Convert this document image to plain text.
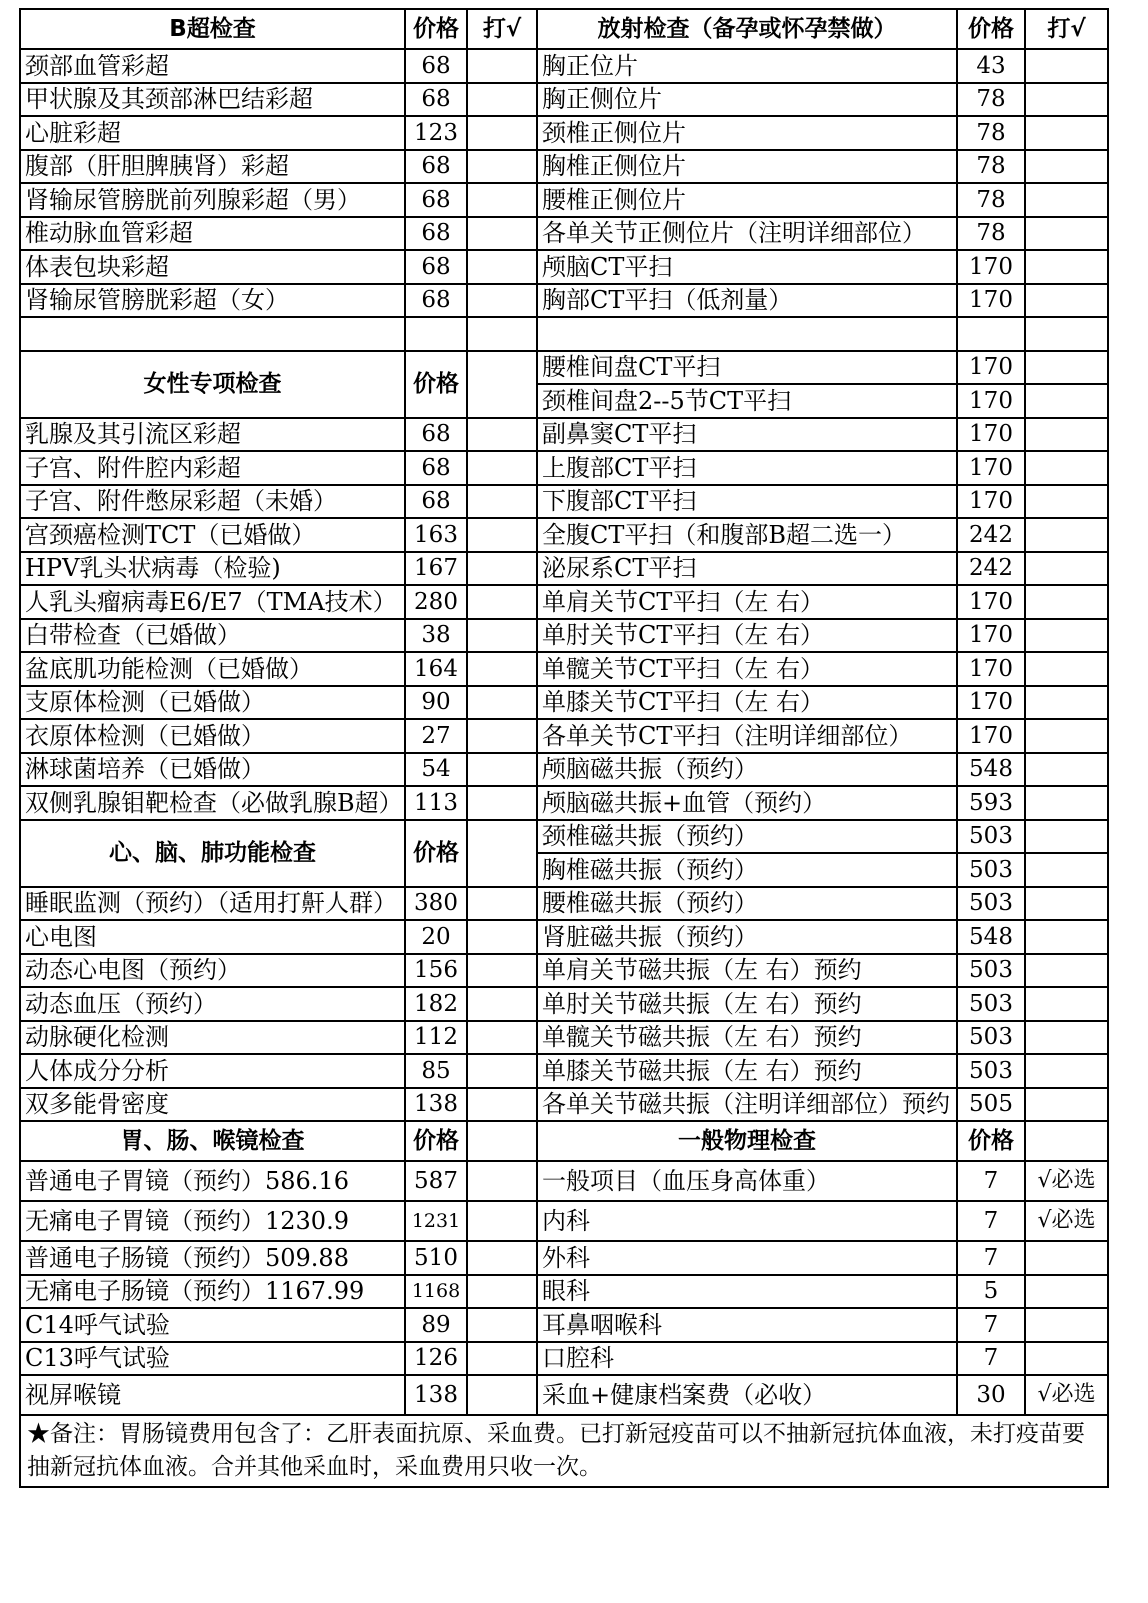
B超检查	价格	打√	放射检查（备孕或怀孕禁做）	价格	打√
颈部血管彩超	68		胸正位片	43	
甲状腺及其颈部淋巴结彩超	68		胸正侧位片	78	
心脏彩超	123		颈椎正侧位片	78	
腹部（肝胆脾胰肾）彩超	68		胸椎正侧位片	78	
肾输尿管膀胱前列腺彩超（男）	68		腰椎正侧位片	78	
椎动脉血管彩超	68		各单关节正侧位片（注明详细部位）	78	
体表包块彩超	68		颅脑CT平扫	170	
肾输尿管膀胱彩超（女）	68		胸部CT平扫（低剂量）	170	

女性专项检查	价格		腰椎间盘CT平扫	170	
			颈椎间盘2--5节CT平扫	170	
乳腺及其引流区彩超	68		副鼻窦CT平扫	170	
子宫、附件腔内彩超	68		上腹部CT平扫	170	
子宫、附件憋尿彩超（未婚）	68		下腹部CT平扫	170	
宫颈癌检测TCT（已婚做）	163		全腹CT平扫（和腹部B超二选一）	242	
HPV乳头状病毒（检验)	167		泌尿系CT平扫	242	
人乳头瘤病毒E6/E7（TMA技术）	280		单肩关节CT平扫（左 右）	170	
白带检查（已婚做）	38		单肘关节CT平扫（左 右）	170	
盆底肌功能检测（已婚做）	164		单髋关节CT平扫（左 右）	170	
支原体检测（已婚做）	90		单膝关节CT平扫（左 右）	170	
衣原体检测（已婚做）	27		各单关节CT平扫（注明详细部位）	170	
淋球菌培养（已婚做）	54		颅脑磁共振（预约）	548	
双侧乳腺钼靶检查（必做乳腺B超）	113		颅脑磁共振+血管（预约）	593	
心、脑、肺功能检查	价格		颈椎磁共振（预约）	503	
			胸椎磁共振（预约）	503	
睡眠监测（预约）（适用打鼾人群）	380		腰椎磁共振（预约）	503	
心电图	20		肾脏磁共振（预约）	548	
动态心电图（预约）	156		单肩关节磁共振（左 右）预约	503	
动态血压（预约）	182		单肘关节磁共振（左 右）预约	503	
动脉硬化检测	112		单髋关节磁共振（左 右）预约	503	
人体成分分析	85		单膝关节磁共振（左 右）预约	503	
双多能骨密度	138		各单关节磁共振（注明详细部位）预约	505	
胃、肠、喉镜检查	价格		一般物理检查	价格	
普通电子胃镜（预约）586.16	587		一般项目（血压身高体重）	7	√必选
无痛电子胃镜（预约）1230.9	1231		内科	7	√必选
普通电子肠镜（预约）509.88	510		外科	7	
无痛电子肠镜（预约）1167.99	1168		眼科	5	
C14呼气试验	89		耳鼻咽喉科	7	
C13呼气试验	126		口腔科	7	
视屏喉镜	138		采血+健康档案费（必收）	30	√必选
★备注：胃肠镜费用包含了：乙肝表面抗原、采血费。已打新冠疫苗可以不抽新冠抗体血液，未打疫苗要抽新冠抗体血液。合并其他采血时，采血费用只收一次。					
